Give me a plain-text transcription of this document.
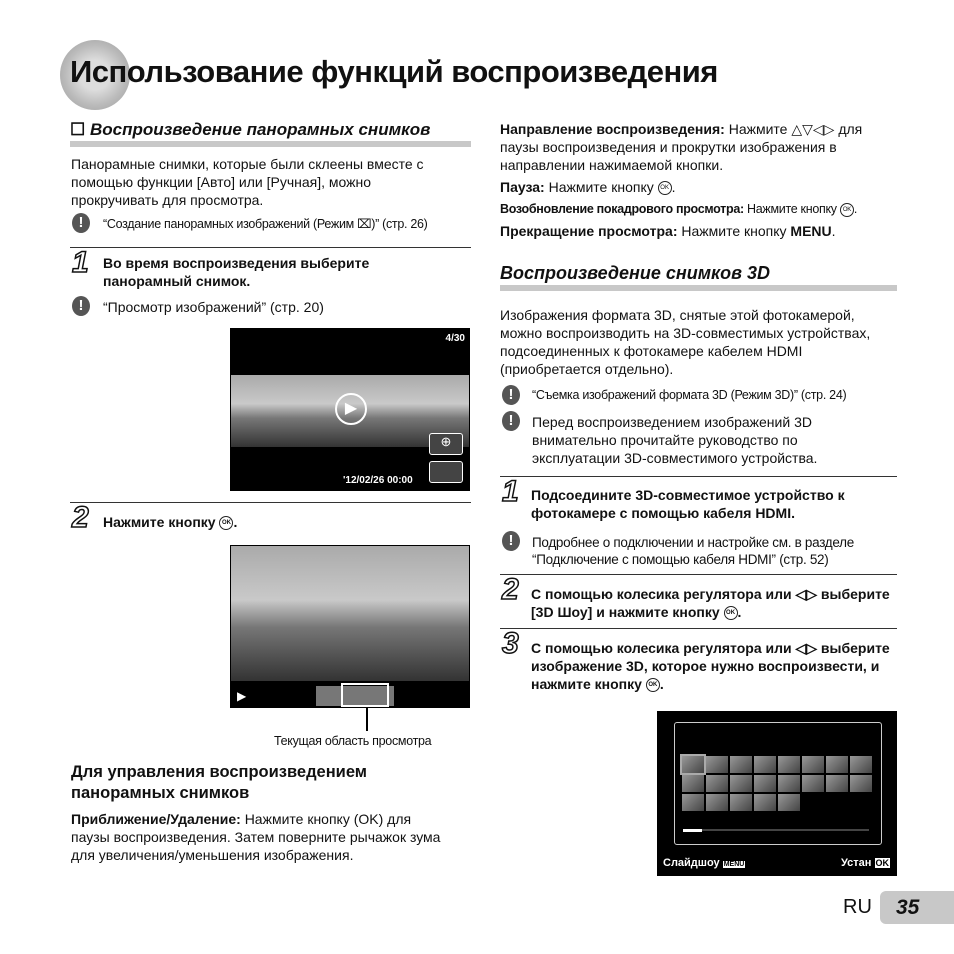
Использование функций воспроизведения
☐ Воспроизведение панорамных снимков
Панорамные снимки, которые были склеены вместе с помощью функции [Авто] или [Ручная], можно прокручивать для просмотра.
!	“Создание панорамных изображений (Режим ⌧)” (стр. 26)
1 Во время воспроизведения выберите панорамный снимок.
!	“Просмотр изображений” (стр. 20)
4/30
▶
⊕
'12/02/26 00:00
2 Нажмите кнопку OK .
▶
Текущая область просмотра
Для управления воспроизведением панорамных снимков
Приближение/Удаление: Нажмите кнопку (OK) для паузы воспроизведения. Затем поверните рычажок зума для увеличения/уменьшения изображения.
Направление воспроизведения: Нажмите △▽◁▷ для паузы воспроизведения и прокрутки изображения в направлении нажимаемой кнопки.
Пауза: Нажмите кнопку OK .
Возобновление покадрового просмотра: Нажмите кнопку OK .
Прекращение просмотра: Нажмите кнопку MENU.
Воспроизведение снимков 3D
Изображения формата 3D, снятые этой фотокамерой, можно воспроизводить на 3D-совместимых устройствах, подсоединенных к фотокамере кабелем HDMI (приобретается отдельно).
!	“Съемка изображений формата 3D (Режим 3D)” (стр. 24)
!	Перед воспроизведением изображений 3D внимательно прочитайте руководство по эксплуатации 3D-совместимого устройства.
1 Подсоедините 3D-совместимое устройство к фотокамере с помощью кабеля HDMI.
!	Подробнее о подключении и настройке см. в разделе “Подключение с помощью кабеля HDMI” (стр. 52)
2 С помощью колесика регулятора или ◁▷ выберите [3D Шоу] и нажмите кнопку OK .
3 С помощью колесика регулятора или ◁▷ выберите изображение 3D, которое нужно воспроизвести, и нажмите кнопку OK .
Слайдшоу MENU	Устан OK
RU	35
